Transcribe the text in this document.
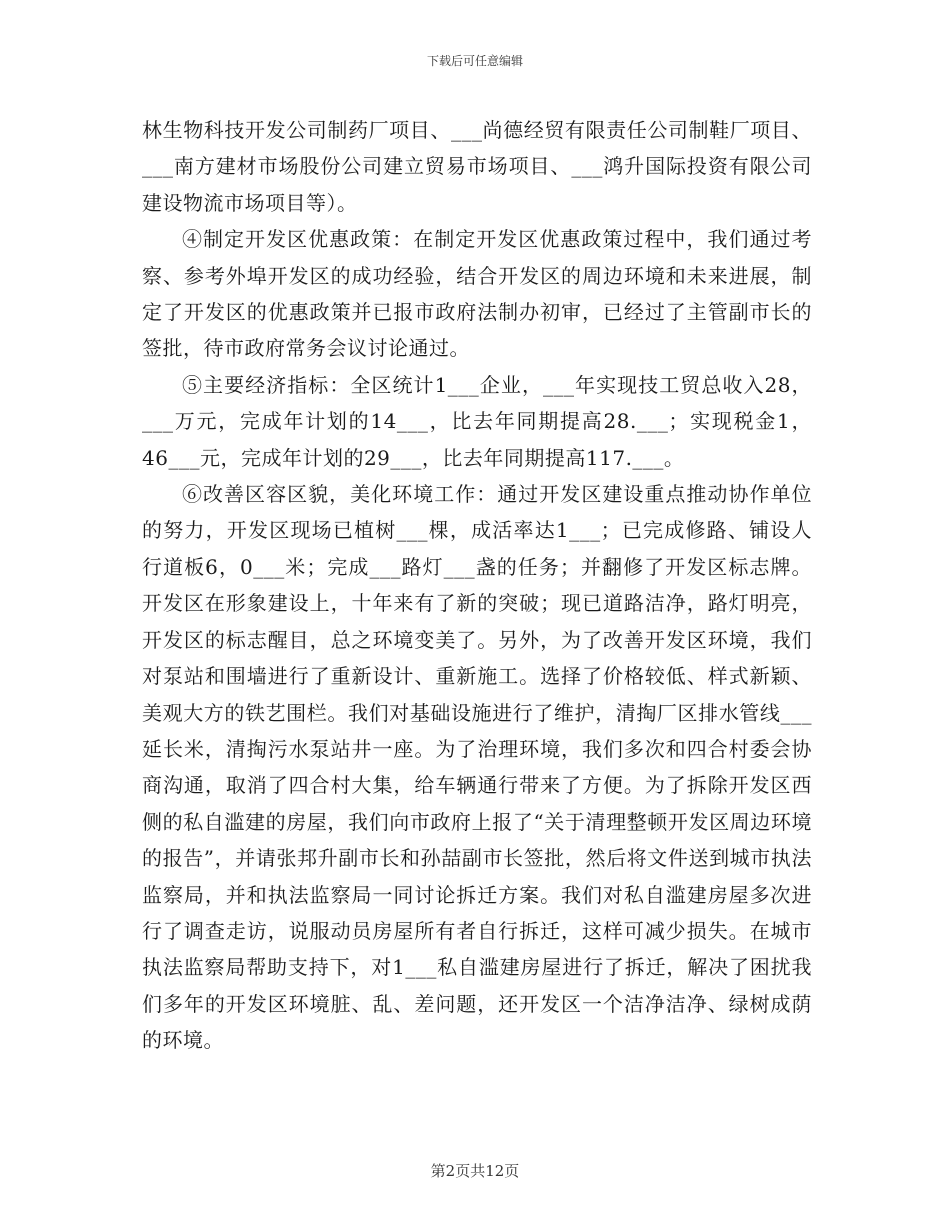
下载后可任意编辑

林生物科技开发公司制药厂项目、___尚德经贸有限责任公司制鞋厂项目、___南方建材市场股份公司建立贸易市场项目、___鸿升国际投资有限公司建设物流市场项目等）。

④制定开发区优惠政策：在制定开发区优惠政策过程中，我们通过考察、参考外埠开发区的成功经验，结合开发区的周边环境和未来进展，制定了开发区的优惠政策并已报市政府法制办初审，已经过了主管副市长的签批，待市政府常务会议讨论通过。

⑤主要经济指标：全区统计1___企业，___年实现技工贸总收入28，___万元，完成年计划的14___，比去年同期提高28.___；实现税金1，46___元，完成年计划的29___，比去年同期提高117.___。

⑥改善区容区貌，美化环境工作：通过开发区建设重点推动协作单位的努力，开发区现场已植树___棵，成活率达1___；已完成修路、铺设人行道板6，0___米；完成___路灯___盏的任务；并翻修了开发区标志牌。开发区在形象建设上，十年来有了新的突破；现已道路洁净，路灯明亮，开发区的标志醒目，总之环境变美了。另外，为了改善开发区环境，我们对泵站和围墙进行了重新设计、重新施工。选择了价格较低、样式新颖、美观大方的铁艺围栏。我们对基础设施进行了维护，清掏厂区排水管线___延长米，清掏污水泵站井一座。为了治理环境，我们多次和四合村委会协商沟通，取消了四合村大集，给车辆通行带来了方便。为了拆除开发区西侧的私自滥建的房屋，我们向市政府上报了“关于清理整顿开发区周边环境的报告”，并请张邦升副市长和孙喆副市长签批，然后将文件送到城市执法监察局，并和执法监察局一同讨论拆迁方案。我们对私自滥建房屋多次进行了调查走访，说服动员房屋所有者自行拆迁，这样可减少损失。在城市执法监察局帮助支持下，对1___私自滥建房屋进行了拆迁，解决了困扰我们多年的开发区环境脏、乱、差问题，还开发区一个洁净洁净、绿树成荫的环境。

第2页共12页
